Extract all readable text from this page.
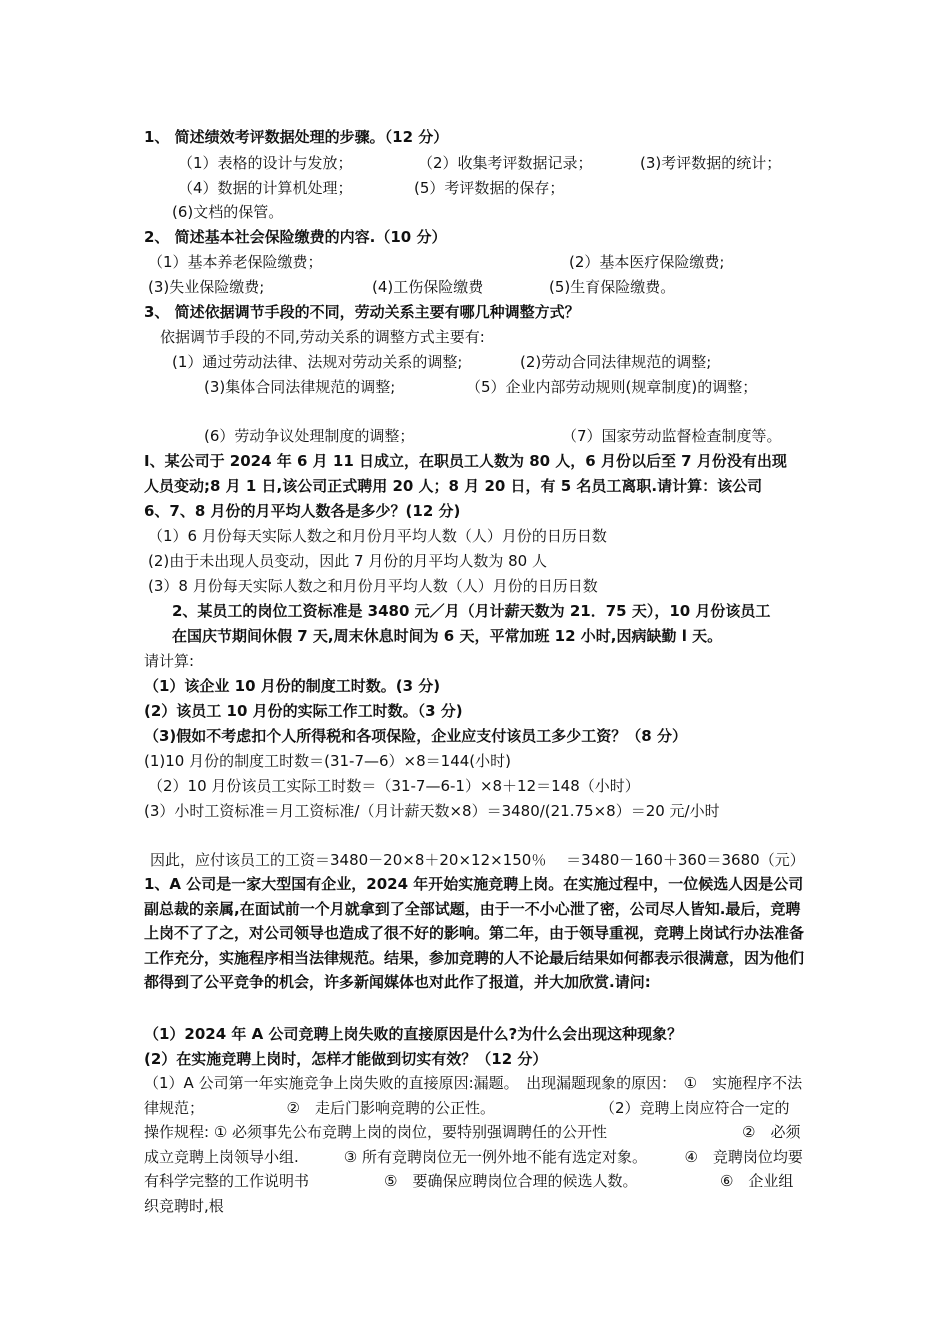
1、 简述绩效考评数据处理的步骤。（12 分）
（1）表格的设计与发放；	（2）收集考评数据记录；	(3)考评数据的统计；
（4）数据的计算机处理；	(5）考评数据的保存；
(6)文档的保管。
2、 简述基本社会保险缴费的内容.（10 分）
（1）基本养老保险缴费；	(2）基本医疗保险缴费;
(3)失业保险缴费;	(4)工伤保险缴费	(5)生育保险缴费。
3、 简述依据调节手段的不同，劳动关系主要有哪几种调整方式？
依据调节手段的不同,劳动关系的调整方式主要有:
(1）通过劳动法律、法规对劳动关系的调整;	(2)劳动合同法律规范的调整;
(3)集体合同法律规范的调整;	（5）企业内部劳动规则(规章制度)的调整；
(6）劳动争议处理制度的调整；	（7）国家劳动监督检查制度等。
I、某公司于 2024 年 6 月 11 日成立，在职员工人数为 80 人，6 月份以后至 7 月份没有出现
人员变动;8 月 1 日,该公司正式聘用 20 人；8 月 20 日，有 5 名员工离职.请计算：该公司
6、7、8 月份的月平均人数各是多少？(12 分)
（1）6 月份每天实际人数之和月份月平均人数（人）月份的日历日数
(2)由于未出现人员变动，因此 7 月份的月平均人数为 80 人
(3）8 月份每天实际人数之和月份月平均人数（人）月份的日历日数
2、某员工的岗位工资标准是 3480 元／月（月计薪天数为 21．75 天），10 月份该员工
在国庆节期间休假 7 天,周末休息时间为 6 天，平常加班 12 小时,因病缺勤 l 天。
请计算:
（1）该企业 10 月份的制度工时数。(3 分)
(2）该员工 10 月份的实际工作工时数。（3 分)
（3)假如不考虑扣个人所得税和各项保险，企业应支付该员工多少工资？（8 分）
(1)10 月份的制度工时数＝(31-7—6）×8＝144(小时)
（2）10 月份该员工实际工时数＝（31-7—6-1）×8＋12＝148（小时）
(3）小时工资标准＝月工资标准/（月计薪天数×8）＝3480/(21.75×8）＝20 元/小时
因此，应付该员工的工资＝3480－20×8＋20×12×150％　 ＝3480－160＋360＝3680（元）
1、A 公司是一家大型国有企业，2024 年开始实施竞聘上岗。在实施过程中，一位候选人因是公司副总裁的亲属,在面试前一个月就拿到了全部试题，由于一不小心泄了密，公司尽人皆知.最后，竞聘上岗不了了之，对公司领导也造成了很不好的影响。第二年，由于领导重视，竞聘上岗试行办法准备工作充分，实施程序相当法律规范。结果，参加竞聘的人不论最后结果如何都表示很满意，因为他们都得到了公平竞争的机会，许多新闻媒体也对此作了报道，并大加欣赏.请问:
（1）2024 年 A 公司竞聘上岗失败的直接原因是什么?为什么会出现这种现象？
(2）在实施竞聘上岗时，怎样才能做到切实有效？（12 分）
（1）A 公司第一年实施竞争上岗失败的直接原因:漏题。　出现漏题现象的原因：　①　实施程序不法律规范；　　　　　　②　走后门影响竞聘的公正性。　　　　　　　　（2）竞聘上岗应符合一定的操作规程: ① 必须事先公布竞聘上岗的岗位，要特别强调聘任的公开性　　　　　　　　　②　必须成立竞聘上岗领导小组.　　　③ 所有竞聘岗位无一例外地不能有选定对象。　　　④　竞聘岗位均要有科学完整的工作说明书　　　　　⑤　要确保应聘岗位合理的候选人数。　　　　　　⑥　企业组织竞聘时,根
